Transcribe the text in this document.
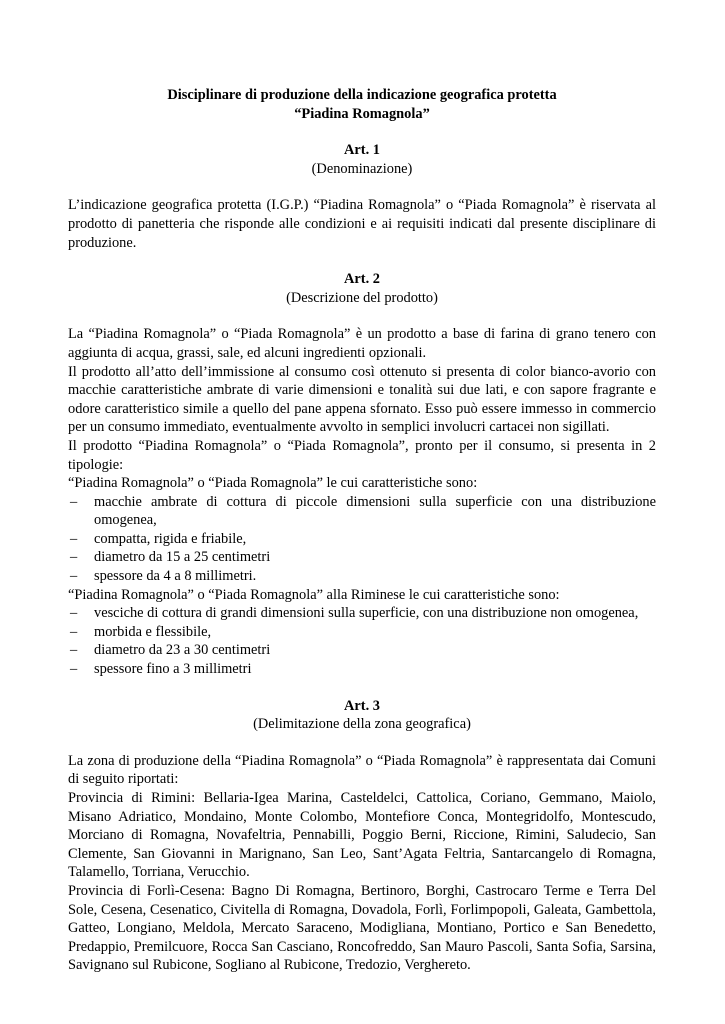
Disciplinare di produzione della indicazione geografica protetta
“Piadina Romagnola”
Art. 1
(Denominazione)

L’indicazione geografica protetta (I.G.P.) “Piadina Romagnola” o “Piada Romagnola” è riservata al prodotto di panetteria che risponde alle condizioni e ai requisiti indicati dal presente disciplinare di produzione.

Art. 2
(Descrizione del prodotto)

La “Piadina Romagnola” o “Piada Romagnola” è un prodotto a base di farina di grano tenero con aggiunta di acqua, grassi, sale, ed alcuni ingredienti opzionali.

Il prodotto all’atto dell’immissione al consumo così ottenuto si presenta di color bianco-avorio con macchie caratteristiche ambrate di varie dimensioni e tonalità sui due lati, e con sapore fragrante e odore caratteristico simile a quello del pane appena sfornato. Esso può essere immesso in commercio per un consumo immediato, eventualmente avvolto in semplici involucri cartacei non sigillati.

Il prodotto “Piadina Romagnola” o “Piada Romagnola”, pronto per il consumo, si presenta in 2 tipologie:

“Piadina Romagnola” o “Piada Romagnola” le cui caratteristiche sono:

– macchie ambrate di cottura di piccole dimensioni sulla superficie con una distribuzione omogenea,
– compatta, rigida e friabile,
– diametro da 15 a 25 centimetri
– spessore da 4 a 8 millimetri.

“Piadina Romagnola” o “Piada Romagnola” alla Riminese le cui caratteristiche sono:

– vesciche di cottura di grandi dimensioni sulla superficie, con una distribuzione non omogenea,
– morbida e flessibile,
– diametro da 23 a 30 centimetri
– spessore fino a 3 millimetri
Art. 3
(Delimitazione della zona geografica)

La zona di produzione della “Piadina Romagnola” o “Piada Romagnola” è rappresentata dai Comuni di seguito riportati:

Provincia di Rimini: Bellaria-Igea Marina, Casteldelci, Cattolica, Coriano, Gemmano, Maiolo, Misano Adriatico, Mondaino, Monte Colombo, Montefiore Conca, Montegridolfo, Montescudo, Morciano di Romagna, Novafeltria, Pennabilli, Poggio Berni, Riccione, Rimini, Saludecio, San Clemente, San Giovanni in Marignano, San Leo, Sant’Agata Feltria, Santarcangelo di Romagna, Talamello, Torriana, Verucchio.

Provincia di Forlì-Cesena: Bagno Di Romagna, Bertinoro, Borghi, Castrocaro Terme e Terra Del Sole, Cesena, Cesenatico, Civitella di Romagna, Dovadola, Forlì, Forlimpopoli, Galeata, Gambettola, Gatteo, Longiano, Meldola, Mercato Saraceno, Modigliana, Montiano, Portico e San Benedetto, Predappio, Premilcuore, Rocca San Casciano, Roncofreddo, San Mauro Pascoli, Santa Sofia, Sarsina, Savignano sul Rubicone, Sogliano al Rubicone, Tredozio, Verghereto.
